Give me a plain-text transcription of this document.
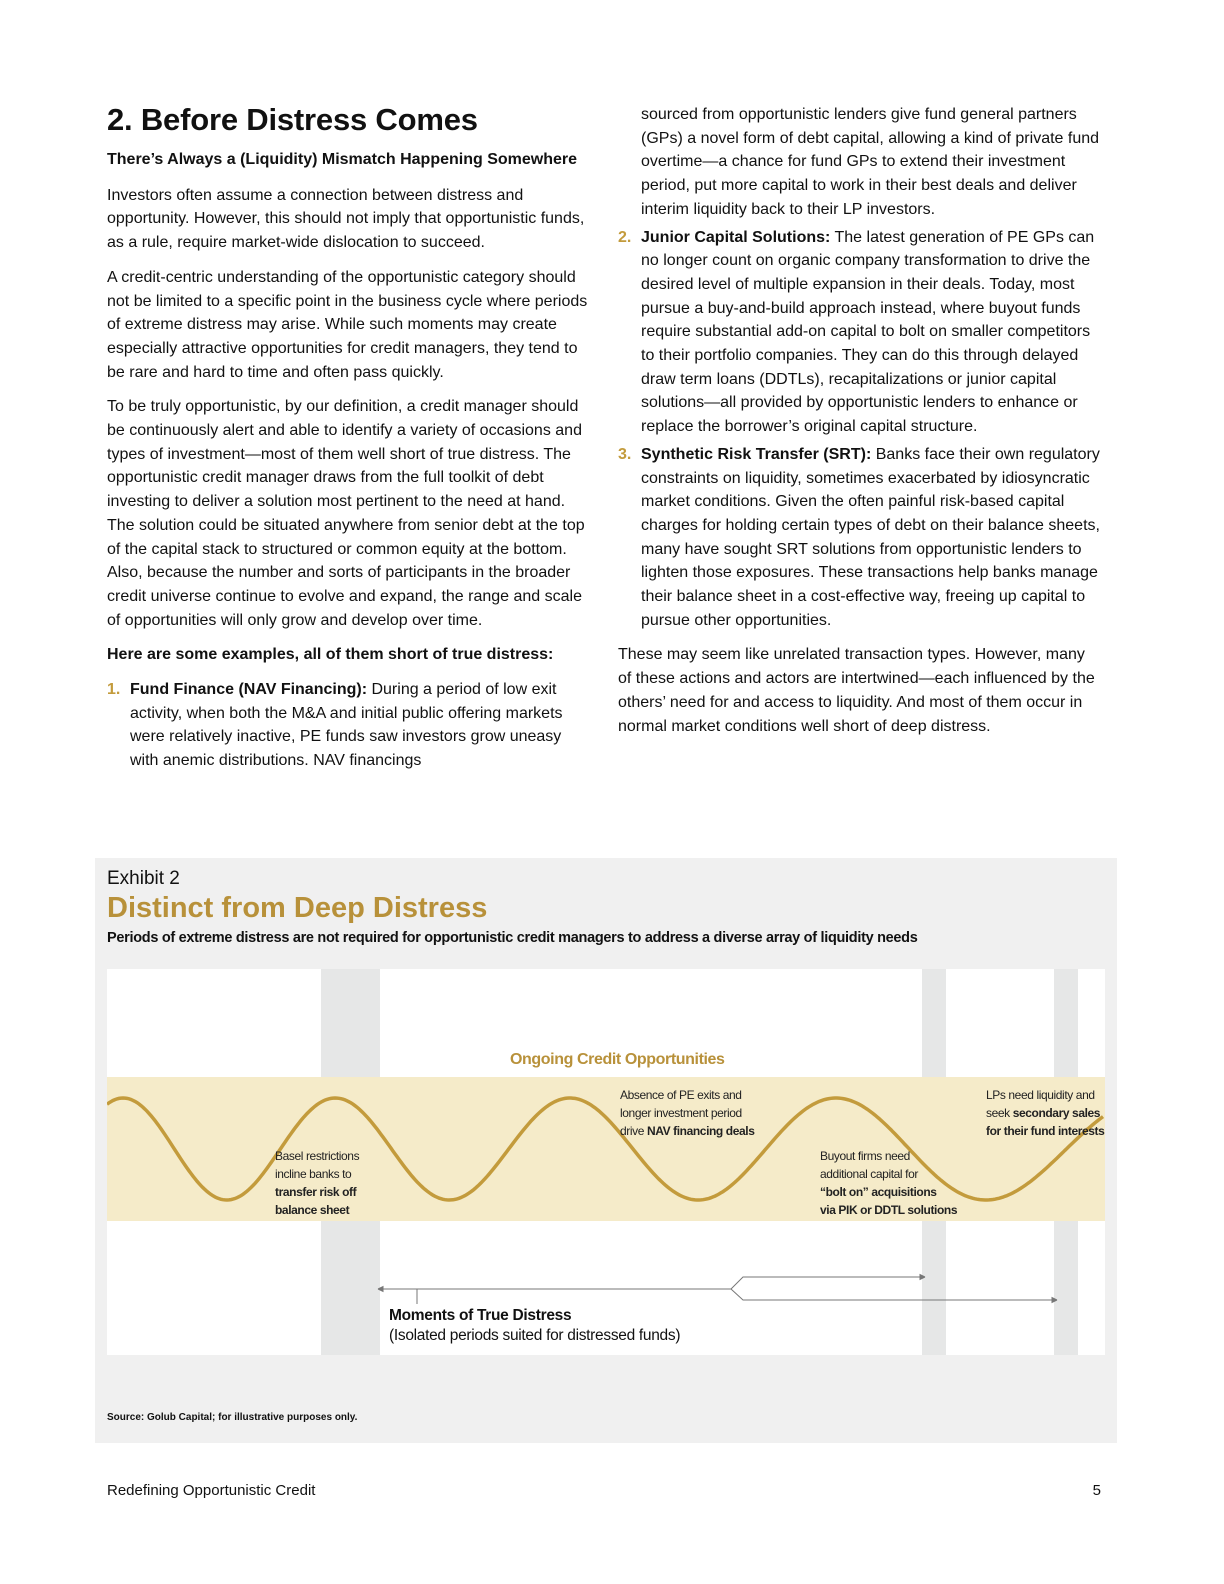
2. Before Distress Comes
There’s Always a (Liquidity) Mismatch Happening Somewhere

Investors often assume a connection between distress and opportunity. However, this should not imply that opportunistic funds, as a rule, require market-wide dislocation to succeed.

A credit-centric understanding of the opportunistic category should not be limited to a specific point in the business cycle where periods of extreme distress may arise. While such moments may create especially attractive opportunities for credit managers, they tend to be rare and hard to time and often pass quickly.

To be truly opportunistic, by our definition, a credit manager should be continuously alert and able to identify a variety of occasions and types of investment—most of them well short of true distress. The opportunistic credit manager draws from the full toolkit of debt investing to deliver a solution most pertinent to the need at hand. The solution could be situated anywhere from senior debt at the top of the capital stack to structured or common equity at the bottom. Also, because the number and sorts of participants in the broader credit universe continue to evolve and expand, the range and scale of opportunities will only grow and develop over time.

Here are some examples, all of them short of true distress:
1. Fund Finance (NAV Financing): During a period of low exit activity, when both the M&A and initial public offering markets were relatively inactive, PE funds saw investors grow uneasy with anemic distributions. NAV financings
sourced from opportunistic lenders give fund general partners (GPs) a novel form of debt capital, allowing a kind of private fund overtime—a chance for fund GPs to extend their investment period, put more capital to work in their best deals and deliver interim liquidity back to their LP investors.
2. Junior Capital Solutions: The latest generation of PE GPs can no longer count on organic company transformation to drive the desired level of multiple expansion in their deals. Today, most pursue a buy-and-build approach instead, where buyout funds require substantial add-on capital to bolt on smaller competitors to their portfolio companies. They can do this through delayed draw term loans (DDTLs), recapitalizations or junior capital solutions—all provided by opportunistic lenders to enhance or replace the borrower’s original capital structure.
3. Synthetic Risk Transfer (SRT): Banks face their own regulatory constraints on liquidity, sometimes exacerbated by idiosyncratic market conditions. Given the often painful risk-based capital charges for holding certain types of debt on their balance sheets, many have sought SRT solutions from opportunistic lenders to lighten those exposures. These transactions help banks manage their balance sheet in a cost-effective way, freeing up capital to pursue other opportunities.

These may seem like unrelated transaction types. However, many of these actions and actors are intertwined—each influenced by the others’ need for and access to liquidity. And most of them occur in normal market conditions well short of deep distress.

Exhibit 2
Distinct from Deep Distress
Periods of extreme distress are not required for opportunistic credit managers to address a diverse array of liquidity needs
Ongoing Credit Opportunities
Basel restrictions
incline banks to
transfer risk off
balance sheet
Absence of PE exits and
longer investment period
drive NAV financing deals
Buyout firms need
additional capital for
“bolt on” acquisitions
via PIK or DDTL solutions
LPs need liquidity and
seek secondary sales
for their fund interests
Moments of True Distress
(Isolated periods suited for distressed funds)
Source: Golub Capital; for illustrative purposes only.
Redefining Opportunistic Credit	5
